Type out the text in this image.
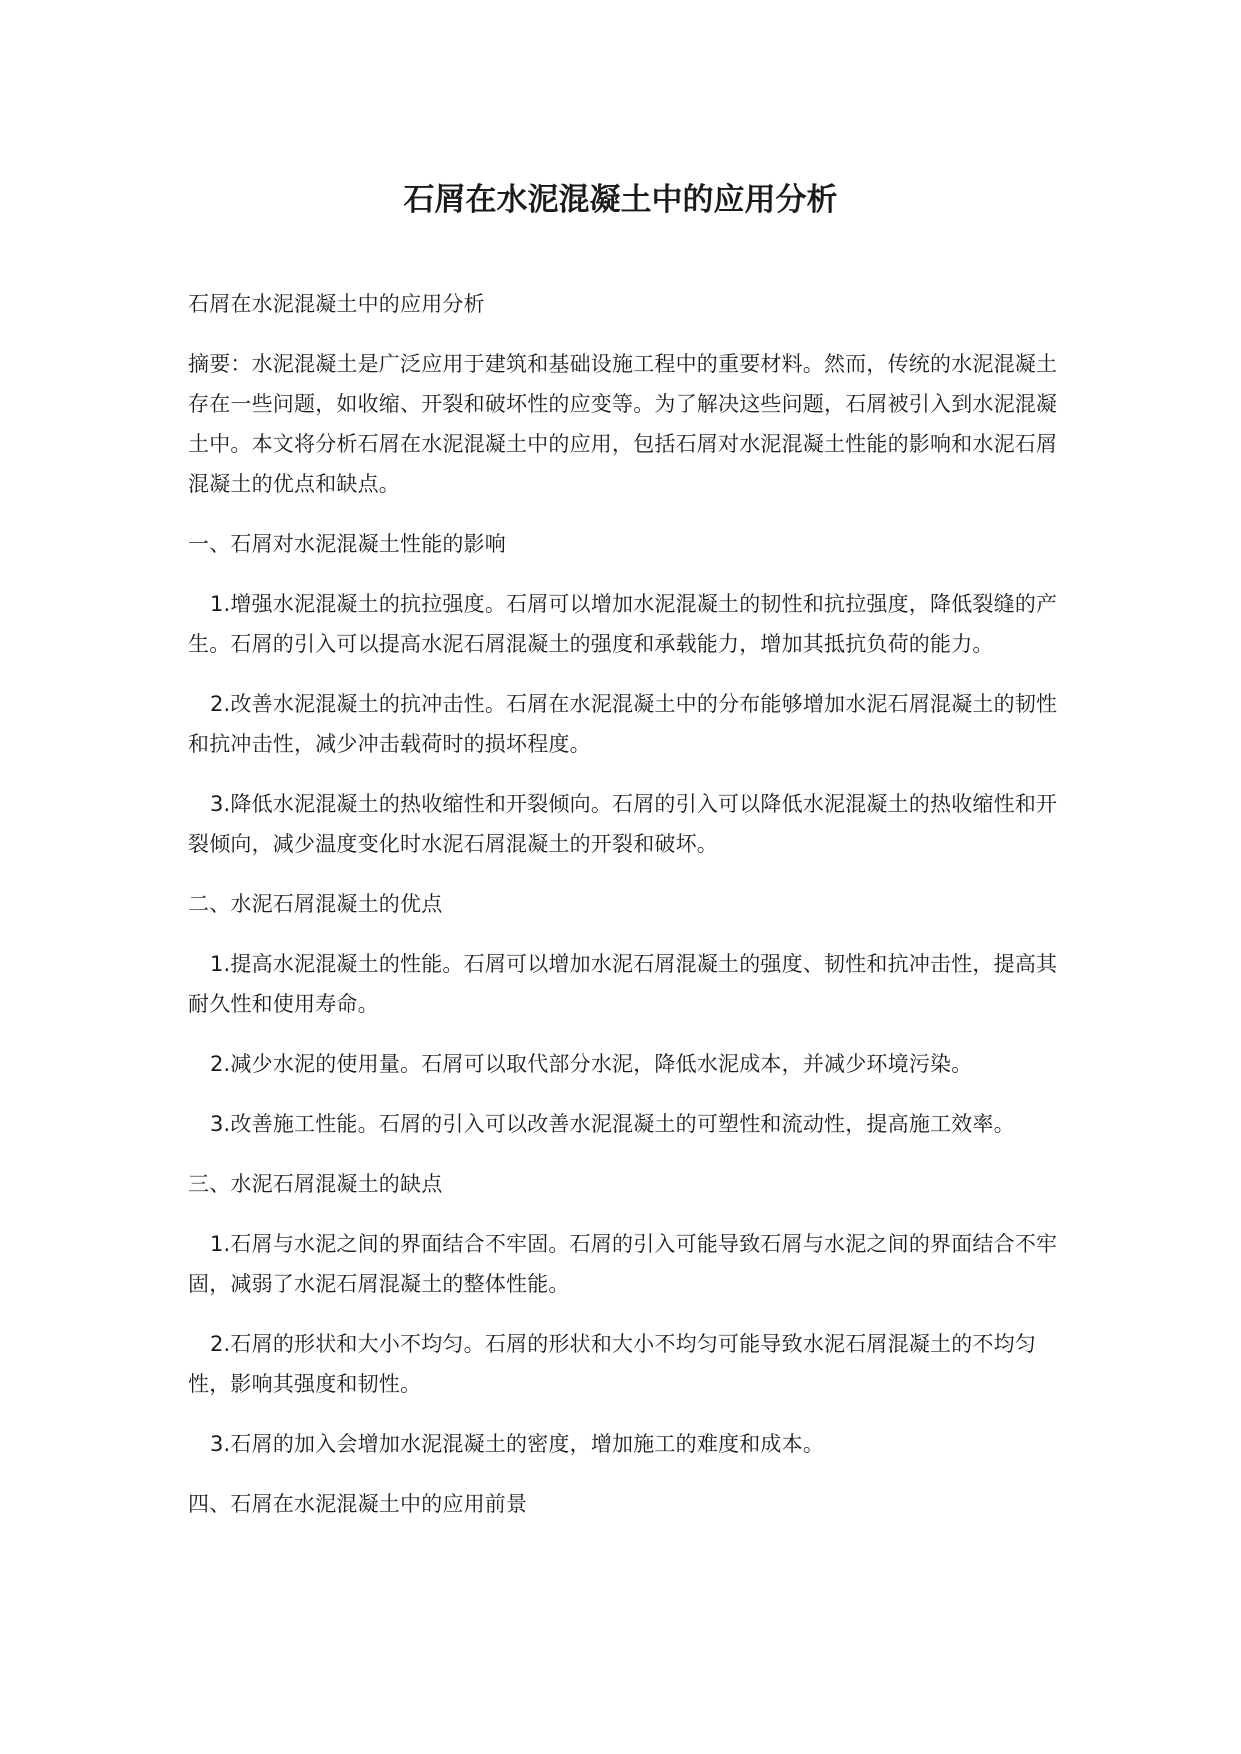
石屑在水泥混凝土中的应用分析

石屑在水泥混凝土中的应用分析

摘要：水泥混凝土是广泛应用于建筑和基础设施工程中的重要材料。然而，传统的水泥混凝土存在一些问题，如收缩、开裂和破坏性的应变等。为了解决这些问题，石屑被引入到水泥混凝土中。本文将分析石屑在水泥混凝土中的应用，包括石屑对水泥混凝土性能的影响和水泥石屑混凝土的优点和缺点。

一、石屑对水泥混凝土性能的影响

1.增强水泥混凝土的抗拉强度。石屑可以增加水泥混凝土的韧性和抗拉强度，降低裂缝的产生。石屑的引入可以提高水泥石屑混凝土的强度和承载能力，增加其抵抗负荷的能力。

2.改善水泥混凝土的抗冲击性。石屑在水泥混凝土中的分布能够增加水泥石屑混凝土的韧性和抗冲击性，减少冲击载荷时的损坏程度。

3.降低水泥混凝土的热收缩性和开裂倾向。石屑的引入可以降低水泥混凝土的热收缩性和开裂倾向，减少温度变化时水泥石屑混凝土的开裂和破坏。

二、水泥石屑混凝土的优点

1.提高水泥混凝土的性能。石屑可以增加水泥石屑混凝土的强度、韧性和抗冲击性，提高其耐久性和使用寿命。

2.减少水泥的使用量。石屑可以取代部分水泥，降低水泥成本，并减少环境污染。

3.改善施工性能。石屑的引入可以改善水泥混凝土的可塑性和流动性，提高施工效率。

三、水泥石屑混凝土的缺点

1.石屑与水泥之间的界面结合不牢固。石屑的引入可能导致石屑与水泥之间的界面结合不牢固，减弱了水泥石屑混凝土的整体性能。

2.石屑的形状和大小不均匀。石屑的形状和大小不均匀可能导致水泥石屑混凝土的不均匀性，影响其强度和韧性。

3.石屑的加入会增加水泥混凝土的密度，增加施工的难度和成本。

四、石屑在水泥混凝土中的应用前景
